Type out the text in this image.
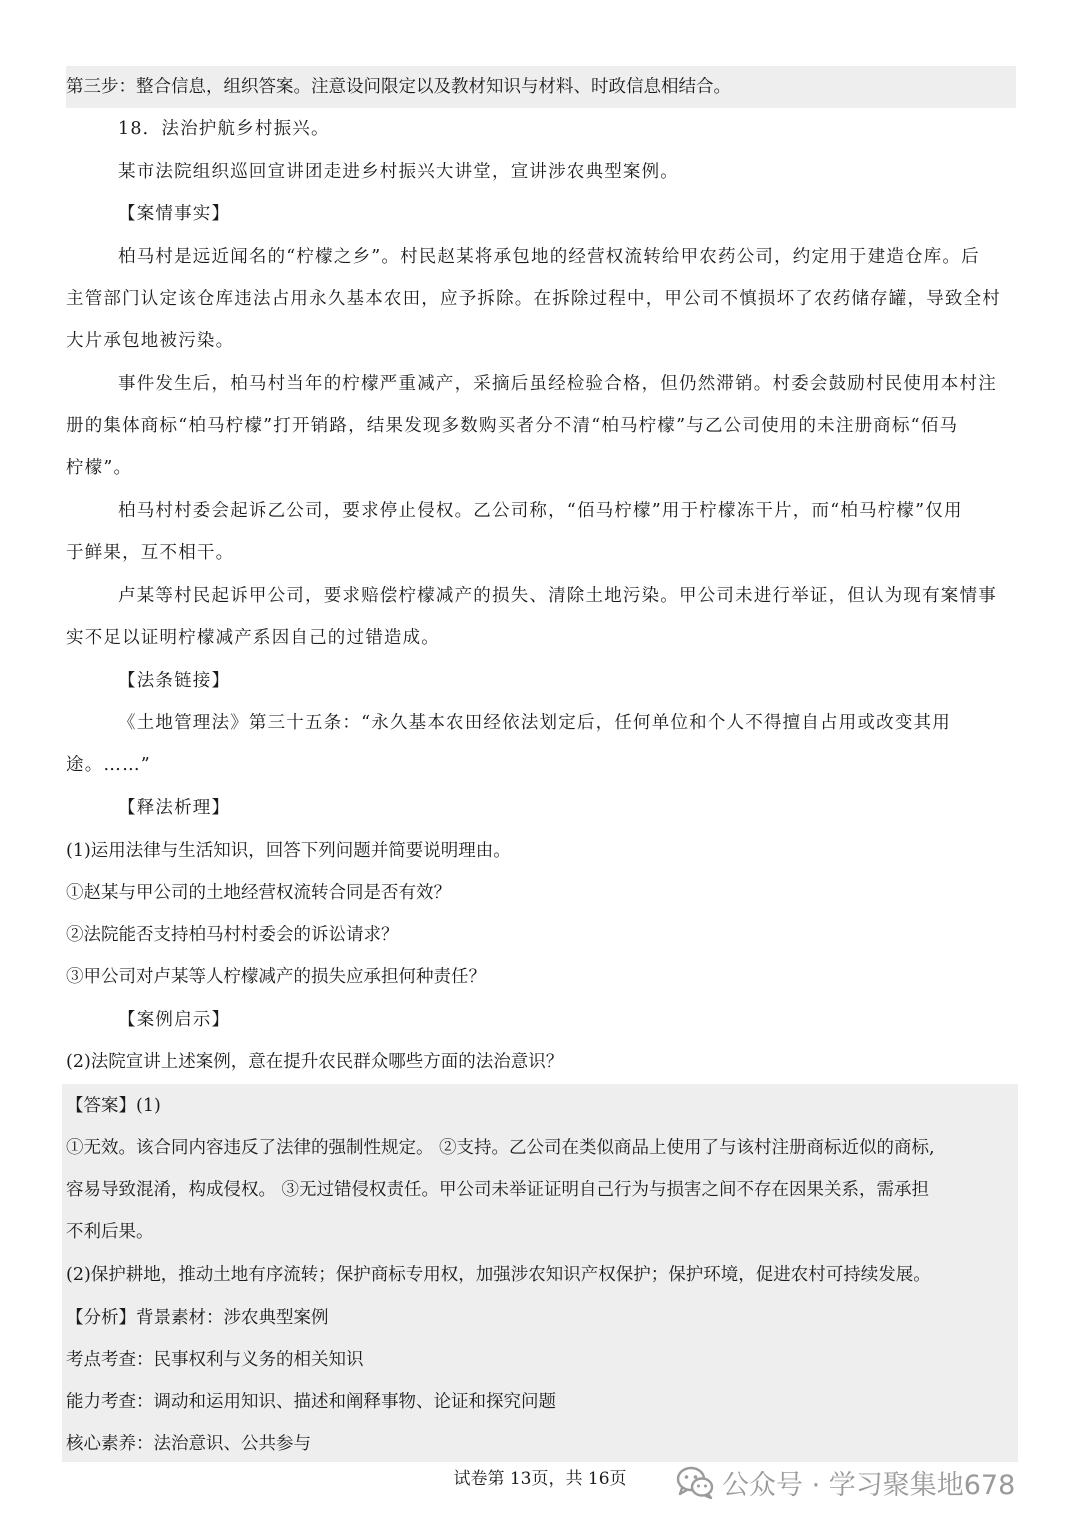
第三步：整合信息，组织答案。注意设问限定以及教材知识与材料、时政信息相结合。
18．法治护航乡村振兴。
某市法院组织巡回宣讲团走进乡村振兴大讲堂，宣讲涉农典型案例。
【案情事实】
柏马村是远近闻名的“柠檬之乡”。村民赵某将承包地的经营权流转给甲农药公司，约定用于建造仓库。后
主管部门认定该仓库违法占用永久基本农田，应予拆除。在拆除过程中，甲公司不慎损坏了农药储存罐，导致全村
大片承包地被污染。
事件发生后，柏马村当年的柠檬严重减产，采摘后虽经检验合格，但仍然滞销。村委会鼓励村民使用本村注
册的集体商标“柏马柠檬”打开销路，结果发现多数购买者分不清“柏马柠檬”与乙公司使用的未注册商标“佰马
柠檬”。
柏马村村委会起诉乙公司，要求停止侵权。乙公司称，“佰马柠檬”用于柠檬冻干片，而“柏马柠檬”仅用
于鲜果，互不相干。
卢某等村民起诉甲公司，要求赔偿柠檬减产的损失、清除土地污染。甲公司未进行举证，但认为现有案情事
实不足以证明柠檬减产系因自己的过错造成。
【法条链接】
《土地管理法》第三十五条：“永久基本农田经依法划定后，任何单位和个人不得擅自占用或改变其用
途。……”
【释法析理】
(1)运用法律与生活知识，回答下列问题并简要说明理由。
①赵某与甲公司的土地经营权流转合同是否有效？
②法院能否支持柏马村村委会的诉讼请求？
③甲公司对卢某等人柠檬减产的损失应承担何种责任？
【案例启示】
(2)法院宣讲上述案例，意在提升农民群众哪些方面的法治意识？
【答案】(1)
①无效。该合同内容违反了法律的强制性规定。 ②支持。乙公司在类似商品上使用了与该村注册商标近似的商标,
容易导致混淆，构成侵权。 ③无过错侵权责任。甲公司未举证证明自己行为与损害之间不存在因果关系，需承担
不利后果。
(2)保护耕地，推动土地有序流转；保护商标专用权，加强涉农知识产权保护；保护环境，促进农村可持续发展。
【分析】背景素材：涉农典型案例
考点考查：民事权利与义务的相关知识
能力考查：调动和运用知识、描述和阐释事物、论证和探究问题
核心素养：法治意识、公共参与
试卷第 13页，共 16页	公众号 · 学习聚集地678
